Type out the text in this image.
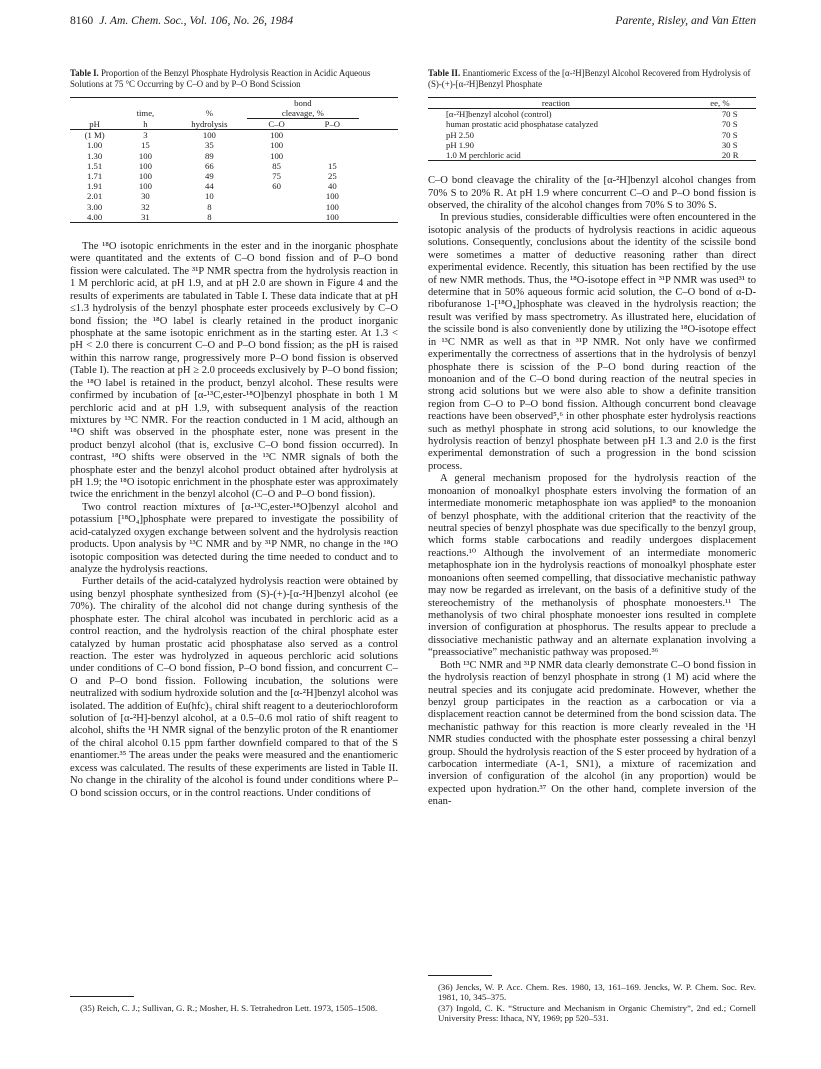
8160 J. Am. Chem. Soc., Vol. 106, No. 26, 1984	Parente, Risley, and Van Etten
Table I. Proportion of the Benzyl Phosphate Hydrolysis Reaction in Acidic Aqueous Solutions at 75 °C Occurring by C–O and by P–O Bond Scission
			bond		
	time,	%	cleavage, %		
pH	h	hydrolysis	C–O	P–O	
(1 M)	3	100	100		
1.00	15	35	100		
1.30	100	89	100		
1.51	100	66	85	15	
1.71	100	49	75	25	
1.91	100	44	60	40	
2.01	30	10		100	
3.00	32	8		100	
4.00	31	8		100	

The ¹⁸O isotopic enrichments in the ester and in the inorganic phosphate were quantitated and the extents of C–O bond fission and of P–O bond fission were calculated. The ³¹P NMR spectra from the hydrolysis reaction in 1 M perchloric acid, at pH 1.9, and at pH 2.0 are shown in Figure 4 and the results of experiments are tabulated in Table I. These data indicate that at pH ≤1.3 hydrolysis of the benzyl phosphate ester proceeds exclusively by C–O bond fission; the ¹⁸O label is clearly retained in the product inorganic phosphate at the same isotopic enrichment as in the starting ester. At 1.3 < pH < 2.0 there is concurrent C–O and P–O bond fission; as the pH is raised within this narrow range, progressively more P–O bond fission is observed (Table I). The reaction at pH ≥ 2.0 proceeds exclusively by P–O bond fission; the ¹⁸O label is retained in the product, benzyl alcohol. These results were confirmed by incubation of [α-¹³C,ester-¹⁸O]benzyl phosphate in both 1 M perchloric acid and at pH 1.9, with subsequent analysis of the reaction mixtures by ¹³C NMR. For the reaction conducted in 1 M acid, although an ¹⁸O shift was observed in the phosphate ester, none was present in the product benzyl alcohol (that is, exclusive C–O bond fission occurred). In contrast, ¹⁸O shifts were observed in the ¹³C NMR signals of both the phosphate ester and the benzyl alcohol product obtained after hydrolysis at pH 1.9; the ¹⁸O isotopic enrichment in the phosphate ester was approximately twice the enrichment in the benzyl alcohol (C–O and P–O bond fission).

Two control reaction mixtures of [α-¹³C,ester-¹⁸O]benzyl alcohol and potassium [¹⁸O₄]phosphate were prepared to investigate the possibility of acid-catalyzed oxygen exchange between solvent and the hydrolysis reaction products. Upon analysis by ¹³C NMR and by ³¹P NMR, no change in the ¹⁸O isotopic composition was detected during the time needed to conduct and to analyze the hydrolysis reactions.

Further details of the acid-catalyzed hydrolysis reaction were obtained by using benzyl phosphate synthesized from (S)-(+)-[α-²H]benzyl alcohol (ee 70%). The chirality of the alcohol did not change during synthesis of the phosphate ester. The chiral alcohol was incubated in perchloric acid as a control reaction, and the hydrolysis reaction of the chiral phosphate ester catalyzed by human prostatic acid phosphatase also served as a control reaction. The ester was hydrolyzed in aqueous perchloric acid solutions under conditions of C–O bond fission, P–O bond fission, and concurrent C–O and P–O bond fission. Following incubation, the solutions were neutralized with sodium hydroxide solution and the [α-²H]benzyl alcohol was isolated. The addition of Eu(hfc)₃ chiral shift reagent to a deuteriochloroform solution of [α-²H]-benzyl alcohol, at a 0.5–0.6 mol ratio of shift reagent to alcohol, shifts the ¹H NMR signal of the benzylic proton of the R enantiomer of the chiral alcohol 0.15 ppm farther downfield compared to that of the S enantiomer.³⁵ The areas under the peaks were measured and the enantiomeric excess was calculated. The results of these experiments are listed in Table II. No change in the chirality of the alcohol is found under conditions where P–O bond scission occurs, or in the control reactions. Under conditions of

Table II. Enantiomeric Excess of the [α-²H]Benzyl Alcohol Recovered from Hydrolysis of (S)-(+)-[α-²H]Benzyl Phosphate
reaction	ee, %
[α-²H]benzyl alcohol (control)	70 S
human prostatic acid phosphatase catalyzed	70 S
pH 2.50	70 S
pH 1.90	30 S
1.0 M perchloric acid	20 R

C–O bond cleavage the chirality of the [α-²H]benzyl alcohol changes from 70% S to 20% R. At pH 1.9 where concurrent C–O and P–O bond fission is observed, the chirality of the alcohol changes from 70% S to 30% S.

In previous studies, considerable difficulties were often encountered in the isotopic analysis of the products of hydrolysis reactions in acidic aqueous solutions. Consequently, conclusions about the identity of the scissile bond were sometimes a matter of deductive reasoning rather than direct experimental evidence. Recently, this situation has been rectified by the use of new NMR methods. Thus, the ¹⁸O-isotope effect in ³¹P NMR was used³¹ to determine that in 50% aqueous formic acid solution, the C–O bond of α-D-ribofuranose 1-[¹⁸O₄]phosphate was cleaved in the hydrolysis reaction; the result was verified by mass spectrometry. As illustrated here, elucidation of the scissile bond is also conveniently done by utilizing the ¹⁸O-isotope effect in ¹³C NMR as well as that in ³¹P NMR. Not only have we confirmed experimentally the correctness of assertions that in the hydrolysis of benzyl phosphate there is scission of the P–O bond during reaction of the monoanion and of the C–O bond during reaction of the neutral species in strong acid solutions but we were also able to show a definite transition region from C–O to P–O bond fission. Although concurrent bond cleavage reactions have been observed⁵,⁶ in other phosphate ester hydrolysis reactions such as methyl phosphate in strong acid solutions, to our knowledge the hydrolysis reaction of benzyl phosphate between pH 1.3 and 2.0 is the first experimental demonstration of such a progression in the bond scission process.

A general mechanism proposed for the hydrolysis reaction of the monoanion of monoalkyl phosphate esters involving the formation of an intermediate monomeric metaphosphate ion was applied⁸ to the monoanion of benzyl phosphate, with the additional criterion that the reactivity of the neutral species of benzyl phosphate was due specifically to the benzyl group, which forms stable carbocations and readily undergoes displacement reactions.¹⁰ Although the involvement of an intermediate monomeric metaphosphate ion in the hydrolysis reactions of monoalkyl phosphate ester monoanions often seemed compelling, that dissociative mechanistic pathway may now be regarded as irrelevant, on the basis of a definitive study of the stereochemistry of the methanolysis of phosphate monoesters.¹¹ The methanolysis of two chiral phosphate monoester ions resulted in complete inversion of configuration at phosphorus. The results appear to preclude a dissociative mechanistic pathway and an alternate explanation involving a “preassociative” mechanistic pathway was proposed.³⁶

Both ¹³C NMR and ³¹P NMR data clearly demonstrate C–O bond fission in the hydrolysis reaction of benzyl phosphate in strong (1 M) acid where the neutral species and its conjugate acid predominate. However, whether the benzyl group participates in the reaction as a carbocation or via a displacement reaction cannot be determined from the bond scission data. The mechanistic pathway for this reaction is more clearly revealed in the ¹H NMR studies conducted with the phosphate ester possessing a chiral benzyl group. Should the hydrolysis reaction of the S ester proceed by hydration of a carbocation intermediate (A-1, SN1), a mixture of racemization and inversion of configuration of the alcohol (in any proportion) would be expected upon hydration.³⁷ On the other hand, complete inversion of the enan-

(35) Reich, C. J.; Sullivan, G. R.; Mosher, H. S. Tetrahedron Lett. 1973, 1505–1508.

(36) Jencks, W. P. Acc. Chem. Res. 1980, 13, 161–169. Jencks, W. P. Chem. Soc. Rev. 1981, 10, 345–375.

(37) Ingold, C. K. “Structure and Mechanism in Organic Chemistry”, 2nd ed.; Cornell University Press: Ithaca, NY, 1969; pp 520–531.
